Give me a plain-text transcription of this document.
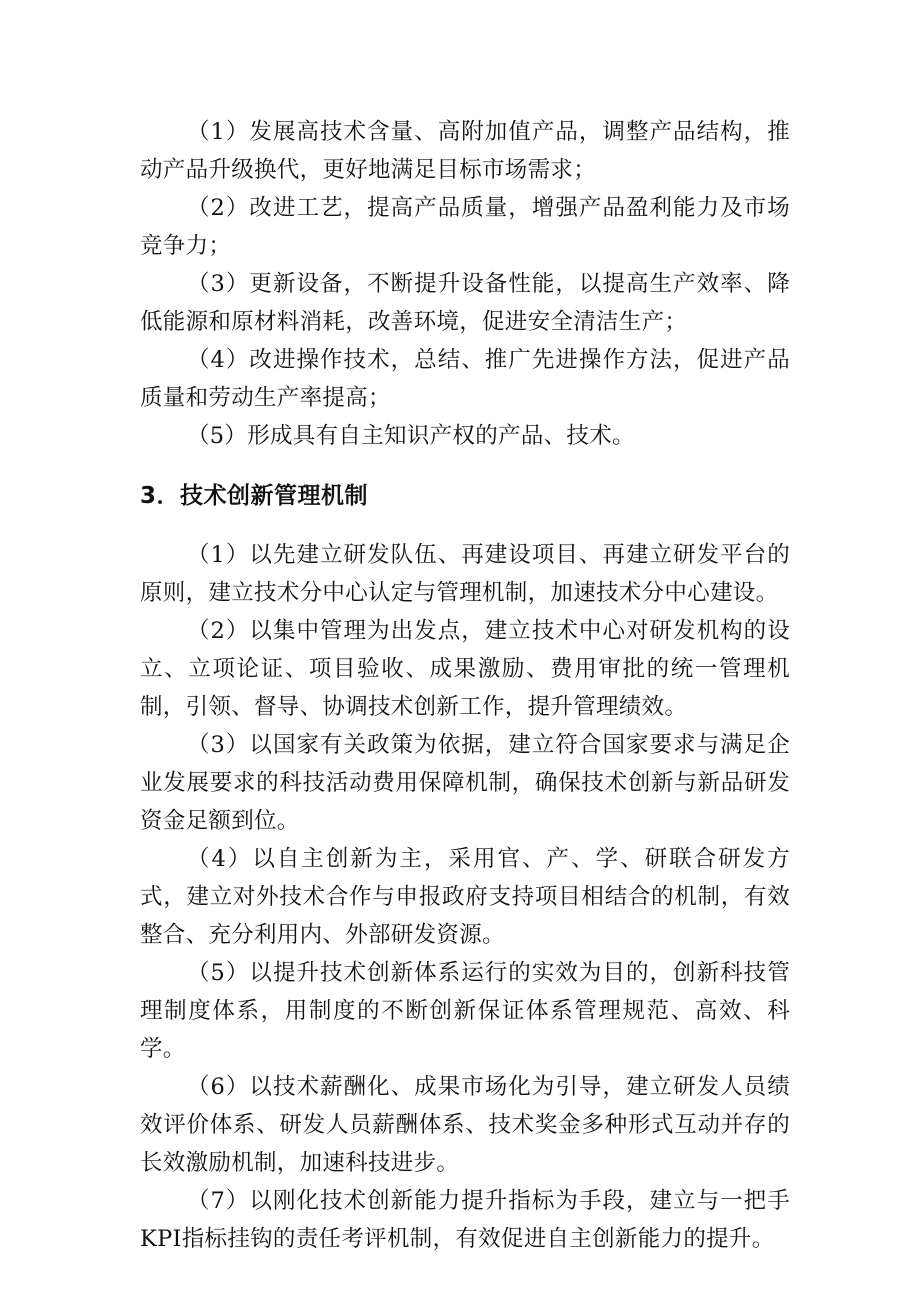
（1）发展高技术含量、高附加值产品，调整产品结构，推动产品升级换代，更好地满足目标市场需求；

（2）改进工艺，提高产品质量，增强产品盈利能力及市场竞争力；

（3）更新设备，不断提升设备性能，以提高生产效率、降低能源和原材料消耗，改善环境，促进安全清洁生产；

（4）改进操作技术，总结、推广先进操作方法，促进产品质量和劳动生产率提高；

（5）形成具有自主知识产权的产品、技术。

3．技术创新管理机制

（1）以先建立研发队伍、再建设项目、再建立研发平台的原则，建立技术分中心认定与管理机制，加速技术分中心建设。

（2）以集中管理为出发点，建立技术中心对研发机构的设立、立项论证、项目验收、成果激励、费用审批的统一管理机制，引领、督导、协调技术创新工作，提升管理绩效。

（3）以国家有关政策为依据，建立符合国家要求与满足企业发展要求的科技活动费用保障机制，确保技术创新与新品研发资金足额到位。

（4）以自主创新为主，采用官、产、学、研联合研发方式，建立对外技术合作与申报政府支持项目相结合的机制，有效整合、充分利用内、外部研发资源。

（5）以提升技术创新体系运行的实效为目的，创新科技管理制度体系，用制度的不断创新保证体系管理规范、高效、科学。

（6）以技术薪酬化、成果市场化为引导，建立研发人员绩效评价体系、研发人员薪酬体系、技术奖金多种形式互动并存的长效激励机制，加速科技进步。

（7）以刚化技术创新能力提升指标为手段，建立与一把手KPI指标挂钩的责任考评机制，有效促进自主创新能力的提升。
